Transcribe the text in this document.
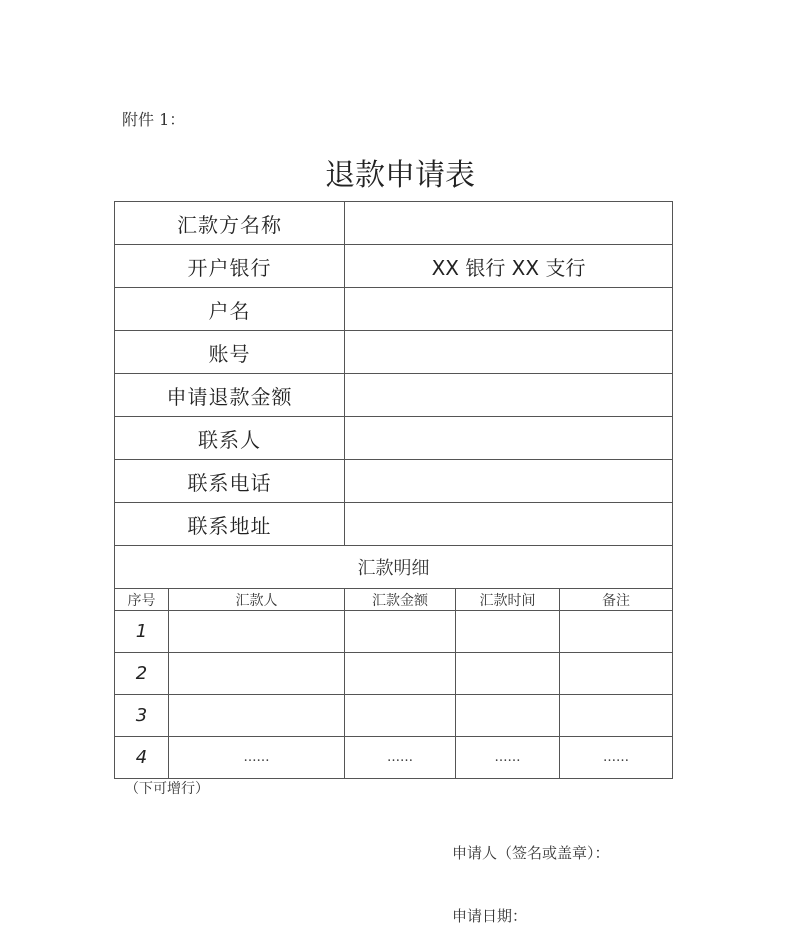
附件 1：
退款申请表
汇款方名称				
开户银行		XX 银行 XX 支行		
户名				
账号				
申请退款金额				
联系人				
联系电话				
联系地址				
汇款明细				
序号	汇款人	汇款金额	汇款时间	备注
1				
2				
3				
4	……	……	……	……
（下可增行）
申请人（签名或盖章）：
申请日期：
